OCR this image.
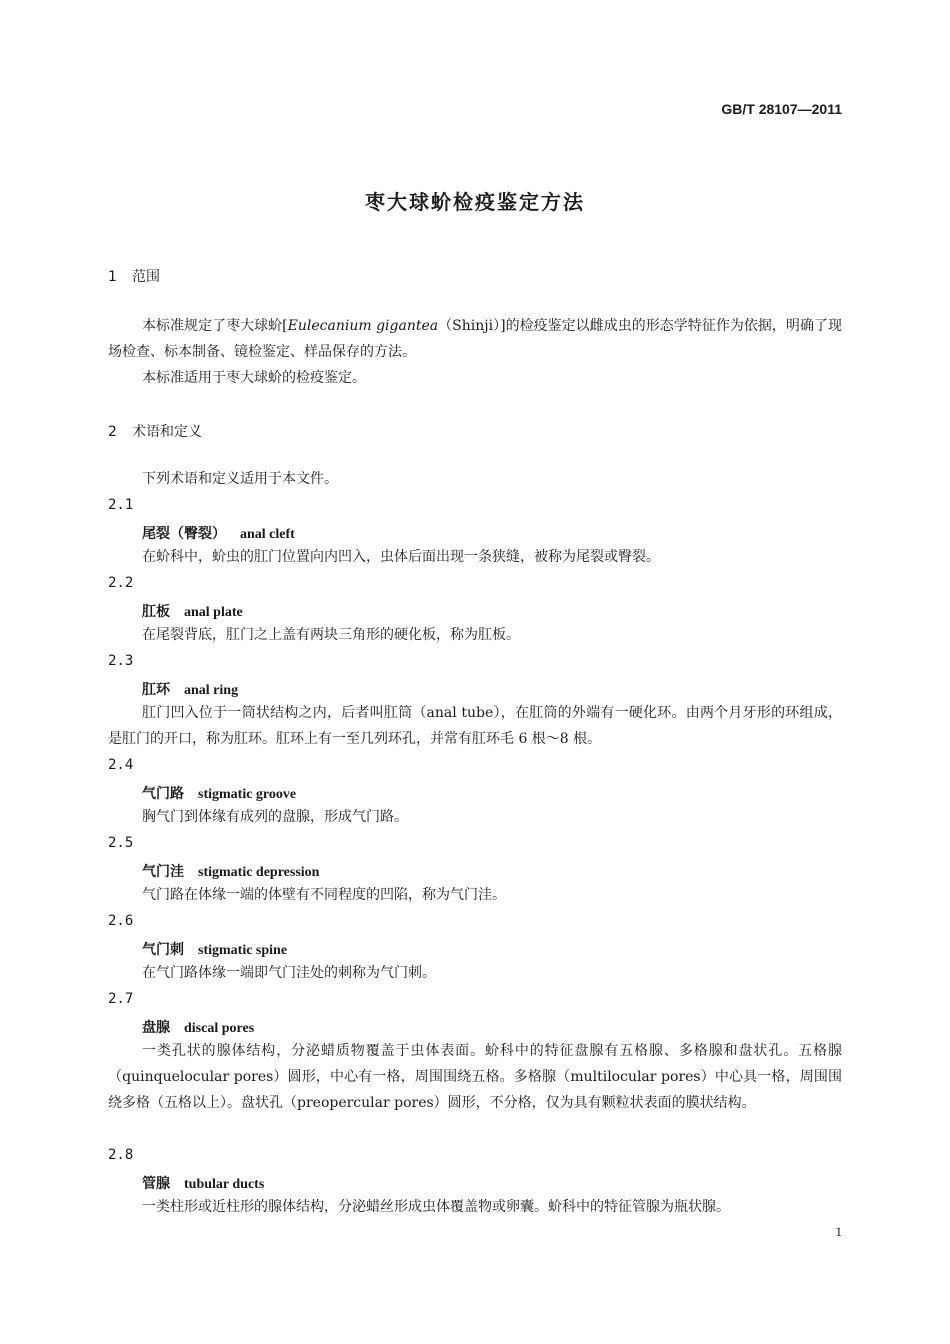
GB/T 28107—2011
枣大球蚧检疫鉴定方法
1 范围

本标准规定了枣大球蚧[Eulecanium gigantea（Shinji）]的检疫鉴定以雌成虫的形态学特征作为依据，明确了现场检查、标本制备、镜检鉴定、样品保存的方法。

本标准适用于枣大球蚧的检疫鉴定。

2 术语和定义

下列术语和定义适用于本文件。

2.1
尾裂（臀裂） anal cleft

在蚧科中，蚧虫的肛门位置向内凹入，虫体后面出现一条狭缝，被称为尾裂或臀裂。

2.2
肛板 anal plate

在尾裂背底，肛门之上盖有两块三角形的硬化板，称为肛板。

2.3
肛环 anal ring

肛门凹入位于一筒状结构之内，后者叫肛筒（anal tube），在肛筒的外端有一硬化环。由两个月牙形的环组成，是肛门的开口，称为肛环。肛环上有一至几列环孔，并常有肛环毛 6 根～8 根。

2.4
气门路 stigmatic groove

胸气门到体缘有成列的盘腺，形成气门路。

2.5
气门洼 stigmatic depression

气门路在体缘一端的体壁有不同程度的凹陷，称为气门洼。

2.6
气门刺 stigmatic spine

在气门路体缘一端即气门洼处的刺称为气门刺。

2.7
盘腺 discal pores

一类孔状的腺体结构，分泌蜡质物覆盖于虫体表面。蚧科中的特征盘腺有五格腺、多格腺和盘状孔。五格腺（quinquelocular pores）圆形，中心有一格，周围围绕五格。多格腺（multilocular pores）中心具一格，周围围绕多格（五格以上）。盘状孔（preopercular pores）圆形，不分格，仅为具有颗粒状表面的膜状结构。

2.8
管腺 tubular ducts

一类柱形或近柱形的腺体结构，分泌蜡丝形成虫体覆盖物或卵囊。蚧科中的特征管腺为瓶状腺。

1
